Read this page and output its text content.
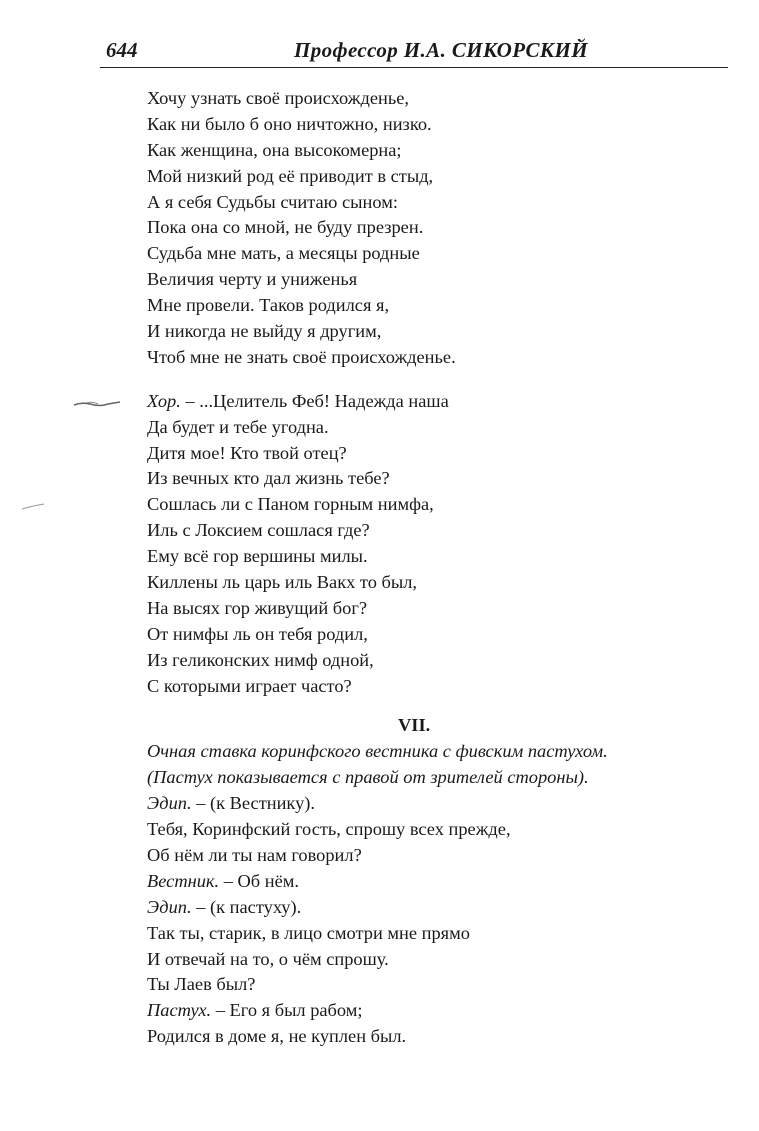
644	Профессор И.А. СИКОРСКИЙ
Хочу узнать своё происхожденье,
Как ни было б оно ничтожно, низко.
Как женщина, она высокомерна;
Мой низкий род её приводит в стыд,
А я себя Судьбы считаю сыном:
Пока она со мной, не буду презрен.
Судьба мне мать, а месяцы родные
Величия черту и униженья
Мне провели. Таков родился я,
И никогда не выйду я другим,
Чтоб мне не знать своё происхожденье.
Хор. – ...Целитель Феб! Надежда наша
Да будет и тебе угодна.
Дитя мое! Кто твой отец?
Из вечных кто дал жизнь тебе?
Сошлась ли с Паном горным нимфа,
Иль с Локсием сошлася где?
Ему всё гор вершины милы.
Киллены ль царь иль Вакх то был,
На высях гор живущий бог?
От нимфы ль он тебя родил,
Из геликонских нимф одной,
С которыми играет часто?
VII.
Очная ставка коринфского вестника с фивским пастухом.
(Пастух показывается с правой от зрителей стороны).
Эдип. – (к Вестнику).
Тебя, Коринфский гость, спрошу всех прежде,
Об нём ли ты нам говорил?
Вестник. – Об нём.
Эдип. – (к пастуху).
Так ты, старик, в лицо смотри мне прямо
И отвечай на то, о чём спрошу.
Ты Лаев был?
Пастух. – Его я был рабом;
Родился в доме я, не куплен был.
